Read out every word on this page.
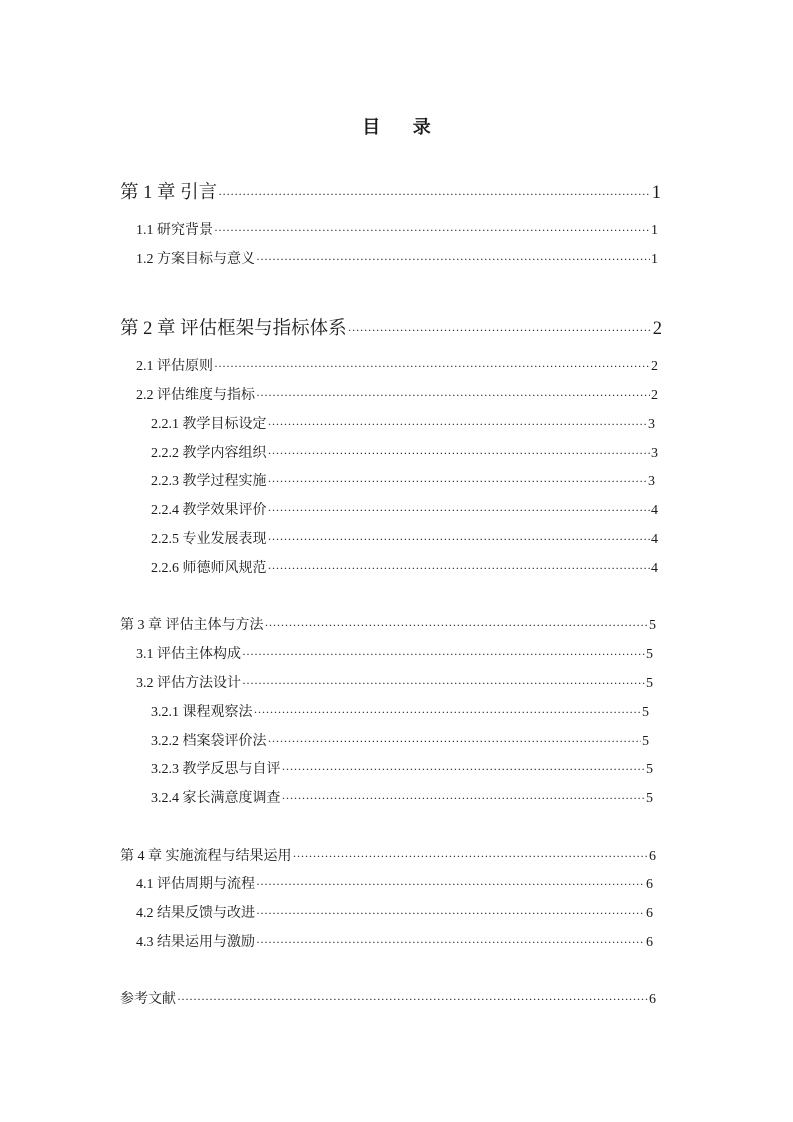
目 录
第 1 章 引言 ·····	1
1.1 研究背景 ·····	1
1.2 方案目标与意义 ·····	1
第 2 章 评估框架与指标体系 ·····	2
2.1 评估原则 ·····	2
2.2 评估维度与指标 ·····	2
2.2.1 教学目标设定 ·····	3
2.2.2 教学内容组织 ·····	3
2.2.3 教学过程实施 ·····	3
2.2.4 教学效果评价 ·····	4
2.2.5 专业发展表现 ·····	4
2.2.6 师德师风规范 ·····	4
第 3 章 评估主体与方法 ·····	5
3.1 评估主体构成 ·····	5
3.2 评估方法设计 ·····	5
3.2.1 课程观察法 ·····	5
3.2.2 档案袋评价法 ·····	5
3.2.3 教学反思与自评 ·····	5
3.2.4 家长满意度调查 ·····	5
第 4 章 实施流程与结果运用 ·····	6
4.1 评估周期与流程 ·····	6
4.2 结果反馈与改进 ·····	6
4.3 结果运用与激励 ·····	6
参考文献 ·····	6
